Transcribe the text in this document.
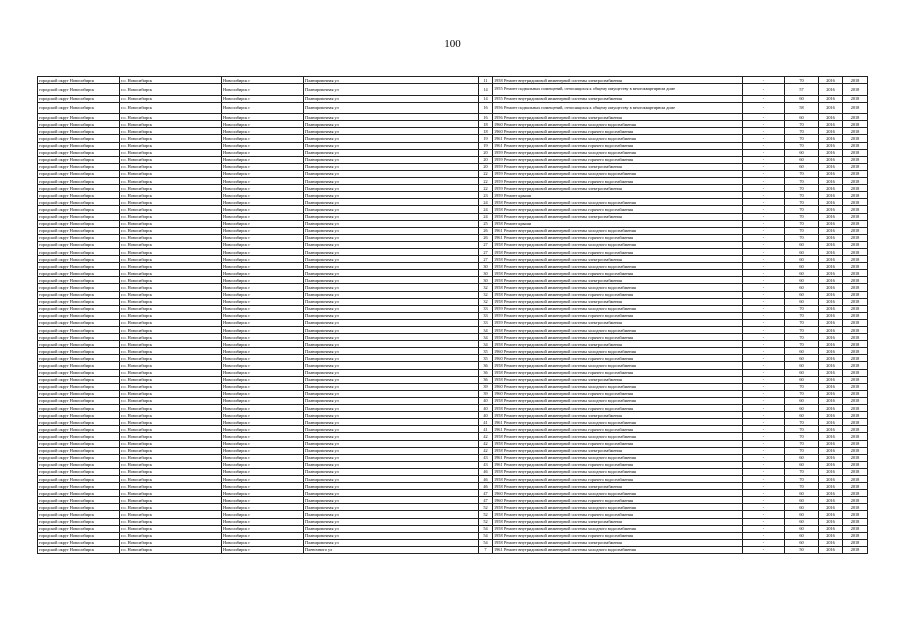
100
городской округ Новосибирск	г.о. Новосибирск	Новосибирск г	Планировочная ул	11	1958Ремонт внутридомовой инженерной системы электроснабжения	-	70	2016	2018
городской округ Новосибирск	г.о. Новосибирск	Новосибирск г	Планировочная ул	14	1955Ремонт подвальных помещений, относящихся к общему имуществу в многоквартирном доме	-	57	2016	2018
городской округ Новосибирск	г.о. Новосибирск	Новосибирск г	Планировочная ул	14	1955Ремонт внутридомовой инженерной системы электроснабжения	-	60	2016	2018
городской округ Новосибирск	г.о. Новосибирск	Новосибирск г	Планировочная ул	16	1956Ремонт подвальных помещений, относящихся к общему имуществу в многоквартирном доме	-	58	2016	2018
городской округ Новосибирск	г.о. Новосибирск	Новосибирск г	Планировочная ул	16	1956Ремонт внутридомовой инженерной системы электроснабжения	-	60	2016	2018
городской округ Новосибирск	г.о. Новосибирск	Новосибирск г	Планировочная ул	18	1960Ремонт внутридомовой инженерной системы холодного водоснабжения	-	70	2016	2018
городской округ Новосибирск	г.о. Новосибирск	Новосибирск г	Планировочная ул	18	1960Ремонт внутридомовой инженерной системы горячего водоснабжения	-	70	2016	2018
городской округ Новосибирск	г.о. Новосибирск	Новосибирск г	Планировочная ул	19	1961Ремонт внутридомовой инженерной системы холодного водоснабжения	-	70	2016	2018
городской округ Новосибирск	г.о. Новосибирск	Новосибирск г	Планировочная ул	19	1961Ремонт внутридомовой инженерной системы горячего водоснабжения	-	70	2016	2018
городской округ Новосибирск	г.о. Новосибирск	Новосибирск г	Планировочная ул	20	1959Ремонт внутридомовой инженерной системы холодного водоснабжения	-	60	2016	2018
городской округ Новосибирск	г.о. Новосибирск	Новосибирск г	Планировочная ул	20	1959Ремонт внутридомовой инженерной системы горячего водоснабжения	-	60	2016	2018
городской округ Новосибирск	г.о. Новосибирск	Новосибирск г	Планировочная ул	20	1959Ремонт внутридомовой инженерной системы электроснабжения	-	60	2016	2018
городской округ Новосибирск	г.о. Новосибирск	Новосибирск г	Планировочная ул	22	1959Ремонт внутридомовой инженерной системы холодного водоснабжения	-	70	2016	2018
городской округ Новосибирск	г.о. Новосибирск	Новосибирск г	Планировочная ул	22	1959Ремонт внутридомовой инженерной системы горячего водоснабжения	-	70	2016	2018
городской округ Новосибирск	г.о. Новосибирск	Новосибирск г	Планировочная ул	22	1959Ремонт внутридомовой инженерной системы электроснабжения	-	70	2016	2018
городской округ Новосибирск	г.о. Новосибирск	Новосибирск г	Планировочная ул	23	1959Ремонт крыши	-	70	2016	2018
городской округ Новосибирск	г.о. Новосибирск	Новосибирск г	Планировочная ул	24	1958Ремонт внутридомовой инженерной системы холодного водоснабжения	-	70	2016	2018
городской округ Новосибирск	г.о. Новосибирск	Новосибирск г	Планировочная ул	24	1958Ремонт внутридомовой инженерной системы горячего водоснабжения	-	70	2016	2018
городской округ Новосибирск	г.о. Новосибирск	Новосибирск г	Планировочная ул	24	1958Ремонт внутридомовой инженерной системы электроснабжения	-	70	2016	2018
городской округ Новосибирск	г.о. Новосибирск	Новосибирск г	Планировочная ул	25	1958Ремонт крыши	-	70	2016	2018
городской округ Новосибирск	г.о. Новосибирск	Новосибирск г	Планировочная ул	26	1961Ремонт внутридомовой инженерной системы холодного водоснабжения	-	70	2016	2018
городской округ Новосибирск	г.о. Новосибирск	Новосибирск г	Планировочная ул	26	1961Ремонт внутридомовой инженерной системы горячего водоснабжения	-	70	2016	2018
городской округ Новосибирск	г.о. Новосибирск	Новосибирск г	Планировочная ул	27	1958Ремонт внутридомовой инженерной системы холодного водоснабжения	-	60	2016	2018
городской округ Новосибирск	г.о. Новосибирск	Новосибирск г	Планировочная ул	27	1958Ремонт внутридомовой инженерной системы горячего водоснабжения	-	60	2016	2018
городской округ Новосибирск	г.о. Новосибирск	Новосибирск г	Планировочная ул	27	1958Ремонт внутридомовой инженерной системы электроснабжения	-	60	2016	2018
городской округ Новосибирск	г.о. Новосибирск	Новосибирск г	Планировочная ул	30	1958Ремонт внутридомовой инженерной системы холодного водоснабжения	-	60	2016	2018
городской округ Новосибирск	г.о. Новосибирск	Новосибирск г	Планировочная ул	30	1958Ремонт внутридомовой инженерной системы горячего водоснабжения	-	60	2016	2018
городской округ Новосибирск	г.о. Новосибирск	Новосибирск г	Планировочная ул	30	1958Ремонт внутридомовой инженерной системы электроснабжения	-	60	2016	2018
городской округ Новосибирск	г.о. Новосибирск	Новосибирск г	Планировочная ул	32	1958Ремонт внутридомовой инженерной системы холодного водоснабжения	-	60	2016	2018
городской округ Новосибирск	г.о. Новосибирск	Новосибирск г	Планировочная ул	32	1958Ремонт внутридомовой инженерной системы горячего водоснабжения	-	60	2016	2018
городской округ Новосибирск	г.о. Новосибирск	Новосибирск г	Планировочная ул	32	1958Ремонт внутридомовой инженерной системы электроснабжения	-	60	2016	2018
городской округ Новосибирск	г.о. Новосибирск	Новосибирск г	Планировочная ул	33	1959Ремонт внутридомовой инженерной системы холодного водоснабжения	-	70	2016	2018
городской округ Новосибирск	г.о. Новосибирск	Новосибирск г	Планировочная ул	33	1959Ремонт внутридомовой инженерной системы горячего водоснабжения	-	70	2016	2018
городской округ Новосибирск	г.о. Новосибирск	Новосибирск г	Планировочная ул	33	1959Ремонт внутридомовой инженерной системы электроснабжения	-	70	2016	2018
городской округ Новосибирск	г.о. Новосибирск	Новосибирск г	Планировочная ул	34	1958Ремонт внутридомовой инженерной системы холодного водоснабжения	-	70	2016	2018
городской округ Новосибирск	г.о. Новосибирск	Новосибирск г	Планировочная ул	34	1958Ремонт внутридомовой инженерной системы горячего водоснабжения	-	70	2016	2018
городской округ Новосибирск	г.о. Новосибирск	Новосибирск г	Планировочная ул	34	1958Ремонт внутридомовой инженерной системы электроснабжения	-	70	2016	2018
городской округ Новосибирск	г.о. Новосибирск	Новосибирск г	Планировочная ул	35	1960Ремонт внутридомовой инженерной системы холодного водоснабжения	-	60	2016	2018
городской округ Новосибирск	г.о. Новосибирск	Новосибирск г	Планировочная ул	35	1960Ремонт внутридомовой инженерной системы горячего водоснабжения	-	60	2016	2018
городской округ Новосибирск	г.о. Новосибирск	Новосибирск г	Планировочная ул	36	1958Ремонт внутридомовой инженерной системы холодного водоснабжения	-	60	2016	2018
городской округ Новосибирск	г.о. Новосибирск	Новосибирск г	Планировочная ул	36	1958Ремонт внутридомовой инженерной системы горячего водоснабжения	-	60	2016	2018
городской округ Новосибирск	г.о. Новосибирск	Новосибирск г	Планировочная ул	36	1958Ремонт внутридомовой инженерной системы электроснабжения	-	60	2016	2018
городской округ Новосибирск	г.о. Новосибирск	Новосибирск г	Планировочная ул	39	1960Ремонт внутридомовой инженерной системы холодного водоснабжения	-	70	2016	2018
городской округ Новосибирск	г.о. Новосибирск	Новосибирск г	Планировочная ул	39	1960Ремонт внутридомовой инженерной системы горячего водоснабжения	-	70	2016	2018
городской округ Новосибирск	г.о. Новосибирск	Новосибирск г	Планировочная ул	40	1958Ремонт внутридомовой инженерной системы холодного водоснабжения	-	60	2016	2018
городской округ Новосибирск	г.о. Новосибирск	Новосибирск г	Планировочная ул	40	1958Ремонт внутридомовой инженерной системы горячего водоснабжения	-	60	2016	2018
городской округ Новосибирск	г.о. Новосибирск	Новосибирск г	Планировочная ул	40	1958Ремонт внутридомовой инженерной системы электроснабжения	-	60	2016	2018
городской округ Новосибирск	г.о. Новосибирск	Новосибирск г	Планировочная ул	41	1961Ремонт внутридомовой инженерной системы холодного водоснабжения	-	70	2016	2018
городской округ Новосибирск	г.о. Новосибирск	Новосибирск г	Планировочная ул	41	1961Ремонт внутридомовой инженерной системы горячего водоснабжения	-	70	2016	2018
городской округ Новосибирск	г.о. Новосибирск	Новосибирск г	Планировочная ул	42	1958Ремонт внутридомовой инженерной системы холодного водоснабжения	-	70	2016	2018
городской округ Новосибирск	г.о. Новосибирск	Новосибирск г	Планировочная ул	42	1958Ремонт внутридомовой инженерной системы горячего водоснабжения	-	70	2016	2018
городской округ Новосибирск	г.о. Новосибирск	Новосибирск г	Планировочная ул	42	1958Ремонт внутридомовой инженерной системы электроснабжения	-	70	2016	2018
городской округ Новосибирск	г.о. Новосибирск	Новосибирск г	Планировочная ул	43	1961Ремонт внутридомовой инженерной системы холодного водоснабжения	-	60	2016	2018
городской округ Новосибирск	г.о. Новосибирск	Новосибирск г	Планировочная ул	43	1961Ремонт внутридомовой инженерной системы горячего водоснабжения	-	60	2016	2018
городской округ Новосибирск	г.о. Новосибирск	Новосибирск г	Планировочная ул	46	1958Ремонт внутридомовой инженерной системы холодного водоснабжения	-	70	2016	2018
городской округ Новосибирск	г.о. Новосибирск	Новосибирск г	Планировочная ул	46	1958Ремонт внутридомовой инженерной системы горячего водоснабжения	-	70	2016	2018
городской округ Новосибирск	г.о. Новосибирск	Новосибирск г	Планировочная ул	46	1958Ремонт внутридомовой инженерной системы электроснабжения	-	70	2016	2018
городской округ Новосибирск	г.о. Новосибирск	Новосибирск г	Планировочная ул	47	1960Ремонт внутридомовой инженерной системы холодного водоснабжения	-	60	2016	2018
городской округ Новосибирск	г.о. Новосибирск	Новосибирск г	Планировочная ул	47	1960Ремонт внутридомовой инженерной системы горячего водоснабжения	-	60	2016	2018
городской округ Новосибирск	г.о. Новосибирск	Новосибирск г	Планировочная ул	52	1958Ремонт внутридомовой инженерной системы холодного водоснабжения	-	60	2016	2018
городской округ Новосибирск	г.о. Новосибирск	Новосибирск г	Планировочная ул	52	1958Ремонт внутридомовой инженерной системы горячего водоснабжения	-	60	2016	2018
городской округ Новосибирск	г.о. Новосибирск	Новосибирск г	Планировочная ул	52	1958Ремонт внутридомовой инженерной системы электроснабжения	-	60	2016	2018
городской округ Новосибирск	г.о. Новосибирск	Новосибирск г	Планировочная ул	54	1958Ремонт внутридомовой инженерной системы холодного водоснабжения	-	60	2016	2018
городской округ Новосибирск	г.о. Новосибирск	Новосибирск г	Планировочная ул	54	1958Ремонт внутридомовой инженерной системы горячего водоснабжения	-	60	2016	2018
городской округ Новосибирск	г.о. Новосибирск	Новосибирск г	Планировочная ул	54	1958Ремонт внутридомовой инженерной системы электроснабжения	-	60	2016	2018
городской округ Новосибирск	г.о. Новосибирск	Новосибирск г	Пленочного ул	7	1961Ремонт внутридомовой инженерной системы холодного водоснабжения	-	50	2016	2018
